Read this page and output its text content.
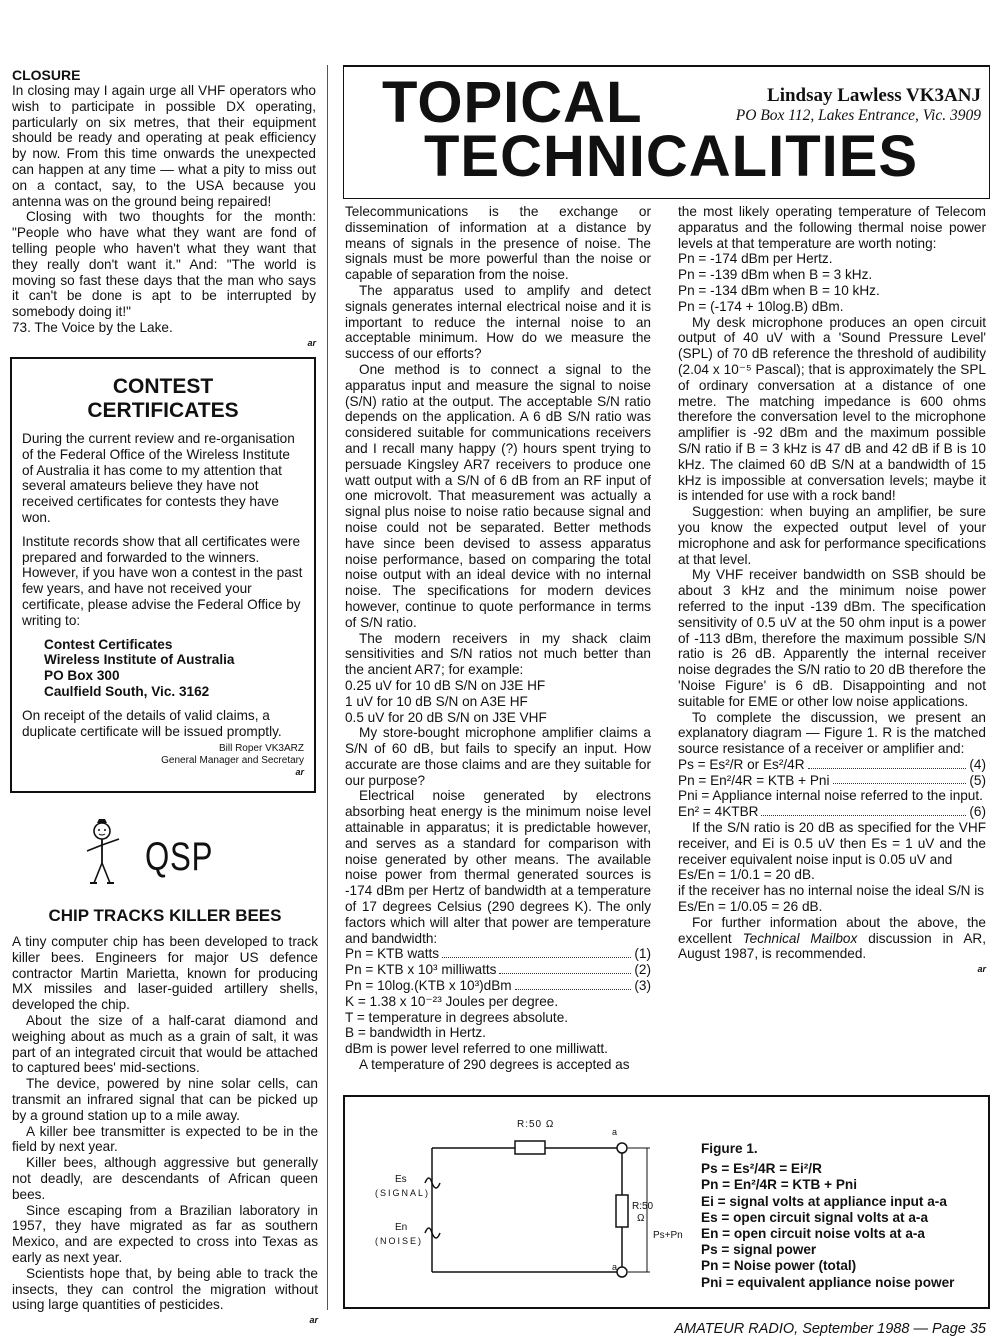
CLOSURE

In closing may I again urge all VHF operators who wish to participate in possible DX operating, particularly on six metres, that their equipment should be ready and operating at peak efficiency by now. From this time onwards the unexpected can happen at any time — what a pity to miss out on a contact, say, to the USA because you antenna was on the ground being repaired!

Closing with two thoughts for the month: "People who have what they want are fond of telling people who haven't what they want that they really don't want it." And: "The world is moving so fast these days that the man who says it can't be done is apt to be interrupted by somebody doing it!"

73. The Voice by the Lake.

ar
CONTEST
CERTIFICATES

During the current review and re-organisation of the Federal Office of the Wireless Institute of Australia it has come to my attention that several amateurs believe they have not received certificates for contests they have won.

Institute records show that all certificates were prepared and forwarded to the winners. However, if you have won a contest in the past few years, and have not received your certificate, please advise the Federal Office by writing to:

Contest Certificates
Wireless Institute of Australia
PO Box 300
Caulfield South, Vic. 3162

On receipt of the details of valid claims, a duplicate certificate will be issued promptly.

Bill Roper VK3ARZ
General Manager and Secretary
ar
QSP
CHIP TRACKS KILLER BEES

A tiny computer chip has been developed to track killer bees. Engineers for major US defence contractor Martin Marietta, known for producing MX missiles and laser-guided artillery shells, developed the chip.

About the size of a half-carat diamond and weighing about as much as a grain of salt, it was part of an integrated circuit that would be attached to captured bees' mid-sections.

The device, powered by nine solar cells, can transmit an infrared signal that can be picked up by a ground station up to a mile away.

A killer bee transmitter is expected to be in the field by next year.

Killer bees, although aggressive but generally not deadly, are descendants of African queen bees.

Since escaping from a Brazilian laboratory in 1957, they have migrated as far as southern Mexico, and are expected to cross into Texas as early as next year.

Scientists hope that, by being able to track the insects, they can control the migration without using large quantities of pesticides.

ar
TOPICAL
TECHNICALITIES
Lindsay Lawless VK3ANJ
PO Box 112, Lakes Entrance, Vic. 3909

Telecommunications is the exchange or dissemination of information at a distance by means of signals in the presence of noise. The signals must be more powerful than the noise or capable of separation from the noise.

The apparatus used to amplify and detect signals generates internal electrical noise and it is important to reduce the internal noise to an acceptable minimum. How do we measure the success of our efforts?

One method is to connect a signal to the apparatus input and measure the signal to noise (S/N) ratio at the output. The acceptable S/N ratio depends on the application. A 6 dB S/N ratio was considered suitable for communications receivers and I recall many happy (?) hours spent trying to persuade Kingsley AR7 receivers to produce one watt output with a S/N of 6 dB from an RF input of one microvolt. That measurement was actually a signal plus noise to noise ratio because signal and noise could not be separated. Better methods have since been devised to assess apparatus noise performance, based on comparing the total noise output with an ideal device with no internal noise. The specifications for modern devices however, continue to quote performance in terms of S/N ratio.

The modern receivers in my shack claim sensitivities and S/N ratios not much better than the ancient AR7; for example:

0.25 uV for 10 dB S/N on J3E HF
1 uV for 10 dB S/N on A3E HF
0.5 uV for 20 dB S/N on J3E VHF

My store-bought microphone amplifier claims a S/N of 60 dB, but fails to specify an input. How accurate are those claims and are they suitable for our purpose?

Electrical noise generated by electrons absorbing heat energy is the minimum noise level attainable in apparatus; it is predictable however, and serves as a standard for comparison with noise generated by other means. The available noise power from thermal generated sources is -174 dBm per Hertz of bandwidth at a temperature of 17 degrees Celsius (290 degrees K). The only factors which will alter that power are temperature and bandwidth:

Pn = KTB watts	(1)
Pn = KTB x 10³ milliwatts	(2)
Pn = 10log.(KTB x 10³)dBm	(3)
K = 1.38 x 10⁻²³ Joules per degree.
T = temperature in degrees absolute.
B = bandwidth in Hertz.
dBm is power level referred to one milliwatt.

A temperature of 290 degrees is accepted as

the most likely operating temperature of Telecom apparatus and the following thermal noise power levels at that temperature are worth noting:

Pn = -174 dBm per Hertz.
Pn = -139 dBm when B = 3 kHz.
Pn = -134 dBm when B = 10 kHz.
Pn = (-174 + 10log.B) dBm.

My desk microphone produces an open circuit output of 40 uV with a 'Sound Pressure Level' (SPL) of 70 dB reference the threshold of audibility (2.04 x 10⁻⁵ Pascal); that is approximately the SPL of ordinary conversation at a distance of one metre. The matching impedance is 600 ohms therefore the conversation level to the microphone amplifier is -92 dBm and the maximum possible S/N ratio if B = 3 kHz is 47 dB and 42 dB if B is 10 kHz. The claimed 60 dB S/N at a bandwidth of 15 kHz is impossible at conversation levels; maybe it is intended for use with a rock band!

Suggestion: when buying an amplifier, be sure you know the expected output level of your microphone and ask for performance specifications at that level.

My VHF receiver bandwidth on SSB should be about 3 kHz and the minimum noise power referred to the input -139 dBm. The specification sensitivity of 0.5 uV at the 50 ohm input is a power of -113 dBm, therefore the maximum possible S/N ratio is 26 dB. Apparently the internal receiver noise degrades the S/N ratio to 20 dB therefore the 'Noise Figure' is 6 dB. Disappointing and not suitable for EME or other low noise applications.

To complete the discussion, we present an explanatory diagram — Figure 1. R is the matched source resistance of a receiver or amplifier and:

Ps = Es²/R or Es²/4R	(4)
Pn = En²/4R = KTB + Pni	(5)

Pni = Appliance internal noise referred to the input.

En² = 4KTBR	(6)

If the S/N ratio is 20 dB as specified for the VHF receiver, and Ei is 0.5 uV then Es = 1 uV and the receiver equivalent noise input is 0.05 uV and

Es/En = 1/0.1 = 20 dB.

if the receiver has no internal noise the ideal S/N is

Es/En = 1/0.05 = 26 dB.

For further information about the above, the excellent Technical Mailbox discussion in AR, August 1987, is recommended.

ar
R:50 Ω
a
a
Es
(SIGNAL)
En
(NOISE)
R:50
Ω
Ps+Pn
Figure 1.
Ps = Es²/4R = Ei²/R
Pn = En²/4R = KTB + Pni
Ei = signal volts at appliance input a-a
Es = open circuit signal volts at a-a
En = open circuit noise volts at a-a
Ps = signal power
Pn = Noise power (total)
Pni = equivalent appliance noise power
AMATEUR RADIO, September 1988 — Page 35
